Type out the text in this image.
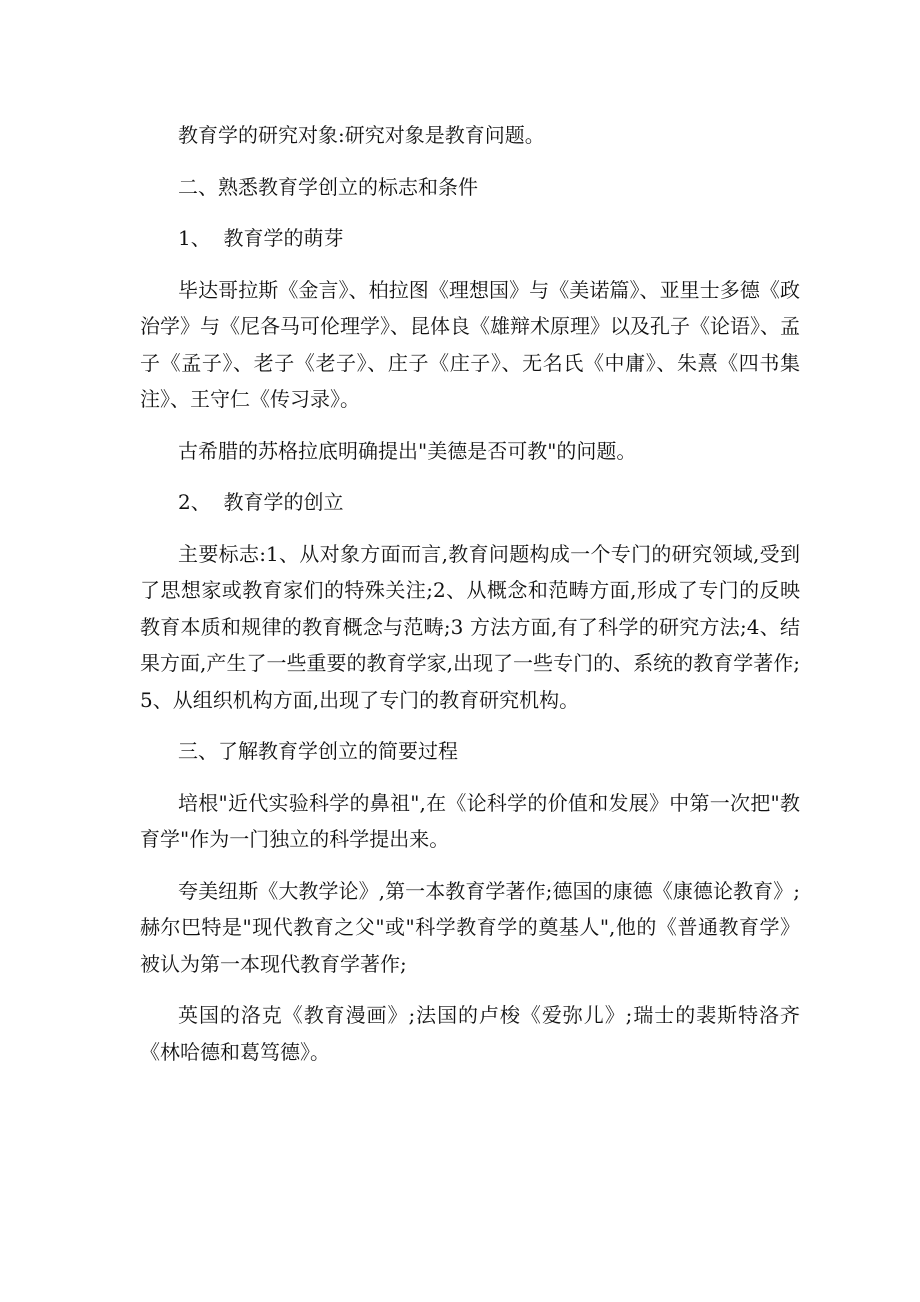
教育学的研究对象:研究对象是教育问题。

二、熟悉教育学创立的标志和条件

1、  教育学的萌芽

毕达哥拉斯《金言》、柏拉图《理想国》与《美诺篇》、亚里士多德《政治学》与《尼各马可伦理学》、昆体良《雄辩术原理》以及孔子《论语》、孟子《孟子》、老子《老子》、庄子《庄子》、无名氏《中庸》、朱熹《四书集注》、王守仁《传习录》。

古希腊的苏格拉底明确提出"美德是否可教"的问题。

2、  教育学的创立

主要标志:1、从对象方面而言,教育问题构成一个专门的研究领域,受到了思想家或教育家们的特殊关注;2、从概念和范畴方面,形成了专门的反映教育本质和规律的教育概念与范畴;3 方法方面,有了科学的研究方法;4、结果方面,产生了一些重要的教育学家,出现了一些专门的、系统的教育学著作;5、从组织机构方面,出现了专门的教育研究机构。

三、了解教育学创立的简要过程

培根"近代实验科学的鼻祖",在《论科学的价值和发展》中第一次把"教育学"作为一门独立的科学提出来。

夸美纽斯《大教学论》,第一本教育学著作;德国的康德《康德论教育》;赫尔巴特是"现代教育之父"或"科学教育学的奠基人",他的《普通教育学》被认为第一本现代教育学著作;

英国的洛克《教育漫画》;法国的卢梭《爱弥儿》;瑞士的裴斯特洛齐《林哈德和葛笃德》。
